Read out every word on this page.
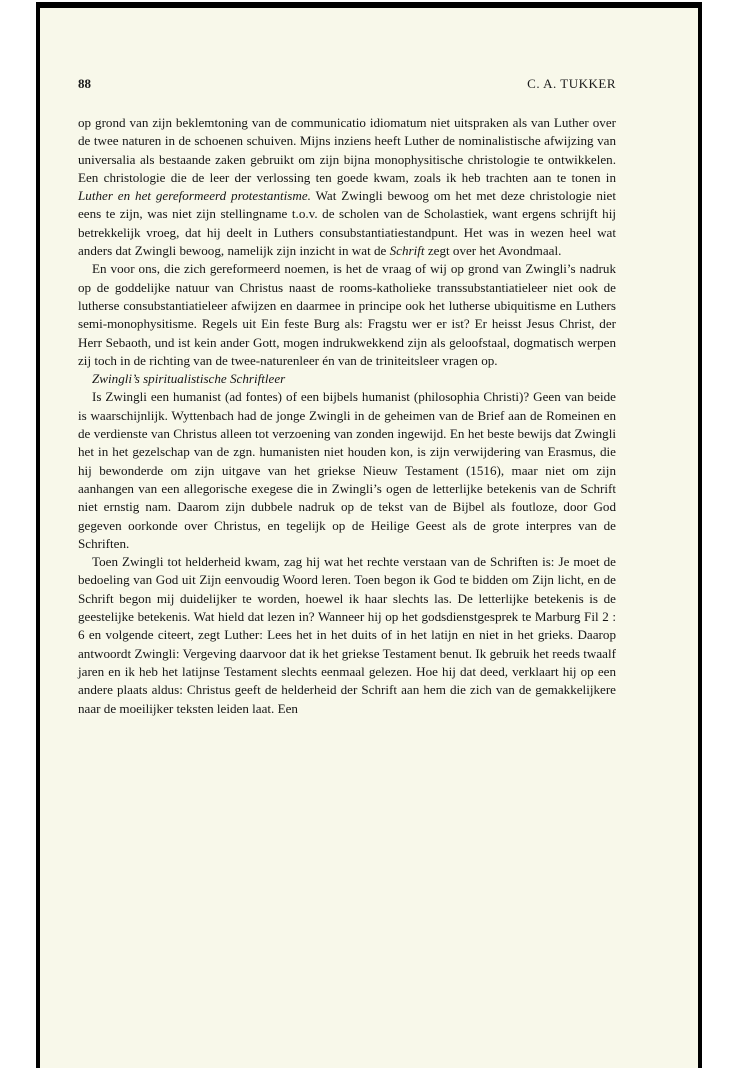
88	C. A. TUKKER

op grond van zijn beklemtoning van de communicatio idiomatum niet uitspraken als van Luther over de twee naturen in de schoenen schuiven. Mijns inziens heeft Luther de nominalistische afwijzing van universalia als bestaande zaken gebruikt om zijn bijna monophysitische christologie te ontwikkelen. Een christologie die de leer der verlossing ten goede kwam, zoals ik heb trachten aan te tonen in Luther en het gereformeerd protestantisme. Wat Zwingli bewoog om het met deze christologie niet eens te zijn, was niet zijn stellingname t.o.v. de scholen van de Scholastiek, want ergens schrijft hij betrekkelijk vroeg, dat hij deelt in Luthers consubstantiatiestandpunt. Het was in wezen heel wat anders dat Zwingli bewoog, namelijk zijn inzicht in wat de Schrift zegt over het Avondmaal.

En voor ons, die zich gereformeerd noemen, is het de vraag of wij op grond van Zwingli’s nadruk op de goddelijke natuur van Christus naast de rooms-katholieke transsubstantiatieleer niet ook de lutherse consubstantiatieleer afwijzen en daarmee in principe ook het lutherse ubiquitisme en Luthers semi-monophysitisme. Regels uit Ein feste Burg als: Fragstu wer er ist? Er heisst Jesus Christ, der Herr Sebaoth, und ist kein ander Gott, mogen indrukwekkend zijn als geloofstaal, dogmatisch werpen zij toch in de richting van de twee-naturenleer én van de triniteitsleer vragen op.

Zwingli’s spiritualistische Schriftleer

Is Zwingli een humanist (ad fontes) of een bijbels humanist (philosophia Christi)? Geen van beide is waarschijnlijk. Wyttenbach had de jonge Zwingli in de geheimen van de Brief aan de Romeinen en de verdienste van Christus alleen tot verzoening van zonden ingewijd. En het beste bewijs dat Zwingli het in het gezelschap van de zgn. humanisten niet houden kon, is zijn verwijdering van Erasmus, die hij bewonderde om zijn uitgave van het griekse Nieuw Testament (1516), maar niet om zijn aanhangen van een allegorische exegese die in Zwingli’s ogen de letterlijke betekenis van de Schrift niet ernstig nam. Daarom zijn dubbele nadruk op de tekst van de Bijbel als foutloze, door God gegeven oorkonde over Christus, en tegelijk op de Heilige Geest als de grote interpres van de Schriften.

Toen Zwingli tot helderheid kwam, zag hij wat het rechte verstaan van de Schriften is: Je moet de bedoeling van God uit Zijn eenvoudig Woord leren. Toen begon ik God te bidden om Zijn licht, en de Schrift begon mij duidelijker te worden, hoewel ik haar slechts las. De letterlijke betekenis is de geestelijke betekenis. Wat hield dat lezen in? Wanneer hij op het godsdienstgesprek te Marburg Fil 2 : 6 en volgende citeert, zegt Luther: Lees het in het duits of in het latijn en niet in het grieks. Daarop antwoordt Zwingli: Vergeving daarvoor dat ik het griekse Testament benut. Ik gebruik het reeds twaalf jaren en ik heb het latijnse Testament slechts eenmaal gelezen. Hoe hij dat deed, verklaart hij op een andere plaats aldus: Christus geeft de helderheid der Schrift aan hem die zich van de gemakkelijkere naar de moeilijker teksten leiden laat. Een
